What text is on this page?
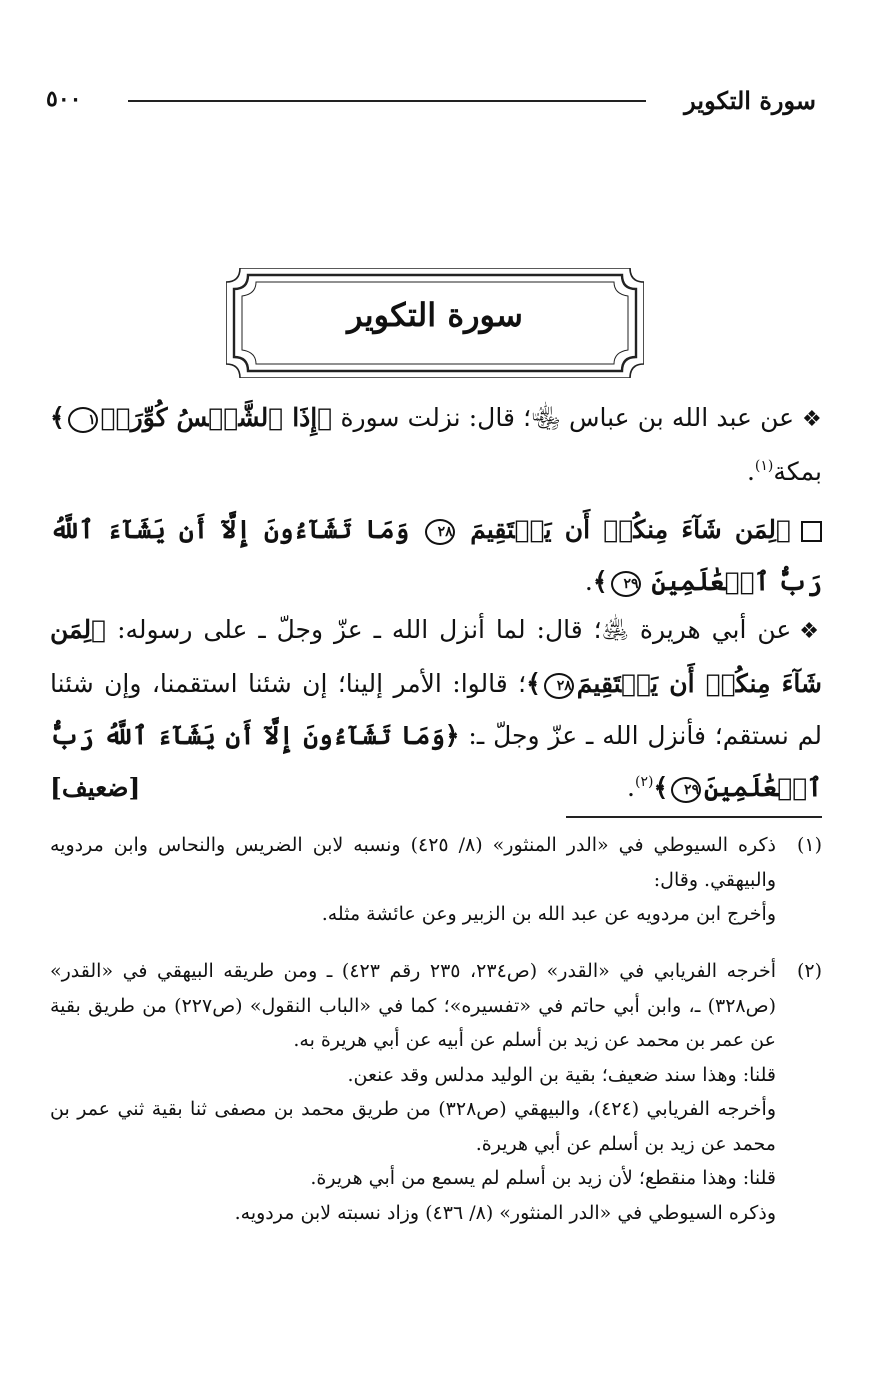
سورة التكوير
٥٠٠
سورة التكوير
❖عن عبد الله بن عباس ﵄؛ قال: نزلت سورة ﴿إِذَا ٱلشَّمۡسُ كُوِّرَتۡ١﴾ بمكة$^{(١)}$.
﴿لِمَن شَآءَ مِنكُمۡ أَن يَسۡتَقِيمَ ٢٨ وَمَا تَشَآءُونَ إِلَّآ أَن يَشَآءَ ٱللَّهُ رَبُّ ٱلۡعَٰلَمِينَ ٢٩﴾.
❖عن أبي هريرة ﵁؛ قال: لما أنزل الله ـ عزّ وجلّ ـ على رسوله: ﴿لِمَن شَآءَ مِنكُمۡ أَن يَسۡتَقِيمَ٢٨﴾؛ قالوا: الأمر إلينا؛ إن شئنا استقمنا، وإن شئنا لم نستقم؛ فأنزل الله ـ عزّ وجلّ ـ: ﴿وَمَا تَشَآءُونَ إِلَّآ أَن يَشَآءَ ٱللَّهُ رَبُّ ٱلۡعَٰلَمِينَ٢٩﴾$^{(٢)}$.
[ضعيف]
(١)
ذكره السيوطي في «الدر المنثور» (٨/ ٤٢٥) ونسبه لابن الضريس والنحاس وابن مردويه والبيهقي. وقال:
وأخرج ابن مردويه عن عبد الله بن الزبير وعن عائشة مثله.
(٢)
أخرجه الفريابي في «القدر» (ص٢٣٤، ٢٣٥ رقم ٤٢٣) ـ ومن طريقه البيهقي في «القدر» (ص٣٢٨) ـ، وابن أبي حاتم في «تفسيره»؛ كما في «الباب النقول» (ص٢٢٧) من طريق بقية عن عمر بن محمد عن زيد بن أسلم عن أبيه عن أبي هريرة به.
قلنا: وهذا سند ضعيف؛ بقية بن الوليد مدلس وقد عنعن.
وأخرجه الفريابي (٤٢٤)، والبيهقي (ص٣٢٨) من طريق محمد بن مصفى ثنا بقية ثني عمر بن محمد عن زيد بن أسلم عن أبي هريرة.
قلنا: وهذا منقطع؛ لأن زيد بن أسلم لم يسمع من أبي هريرة.
وذكره السيوطي في «الدر المنثور» (٨/ ٤٣٦) وزاد نسبته لابن مردويه.
